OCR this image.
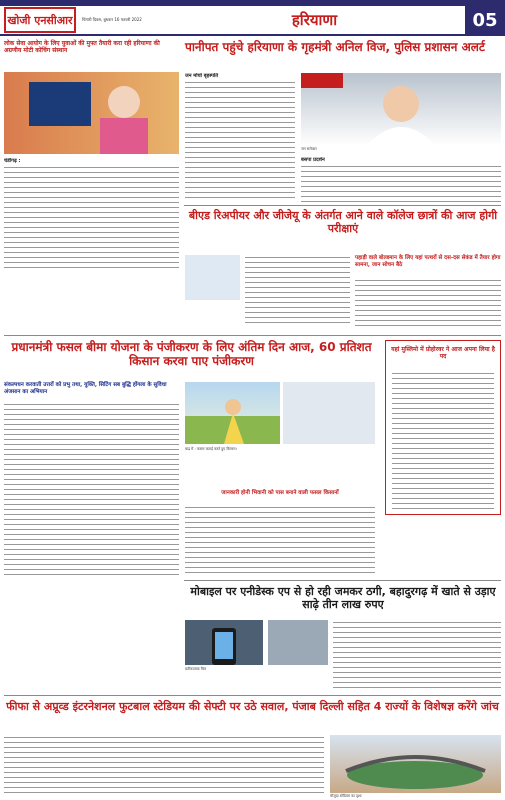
खोजी एनसीआर	चिंगारी दिवस, बुधवार 16 फरवरी 2022	हरियाणा	05
लोक सेवा आयोग के लिए युवाओं की मुफ्त तैयारी करा रही हरियाणा की अग्रणीय मोटी कोचिंग संस्थान
चंडीगढ़ :
पानीपत पहुंचे हरियाणा के गृहमंत्री अनिल विज, पुलिस प्रशासन अलर्ट
जन सरोकार
जन मोर्चा बृहस्पति
बसपा प्रदर्शन
बीएड रिअपीयर और जीजेयू के अंतर्गत आने वाले कॉलेज छात्रों की आज होगी परीक्षाएं
पहाड़ी वाले बोल्डमान के लिए यहां पत्थरों से दस-दस सेकंड में तैयार होगा सामना, जान सोचन बैठे
प्रधानमंत्री फसल बीमा योजना के पंजीकरण के लिए अंतिम दिन आज, 60 प्रतिशत किसान करवा पाए पंजीकरण
संकल्पधन करवाती उत्तरों को प्रभु तथा, युक्ति, सिटिंग सब बुद्धि होंगला के सुविधा अंजसान का अभियान
बाढ़ में : फसल कटाई करते हुए किसान।
जानकारी होनी भिवानी को पास बनाने वाली फसल किसानों
यहां मुस्लिमो में प्रोहोरवर ने आज अपना लिया है पद
मोबाइल पर एनीडेस्क एप से हो रही जमकर ठगी, बहादुरगढ़ में खाते से उड़ाए साढ़े तीन लाख रुपए
प्रतीकात्मक चित्र
फीफा से अप्रूव्ड इंटरनेशनल फुटबाल स्टेडियम की सेफ्टी पर उठे सवाल, पंजाब दिल्ली सहित 4 राज्यों के विशेषज्ञ करेंगे जांच
मौजूदा स्टेडियम का दृश्य
